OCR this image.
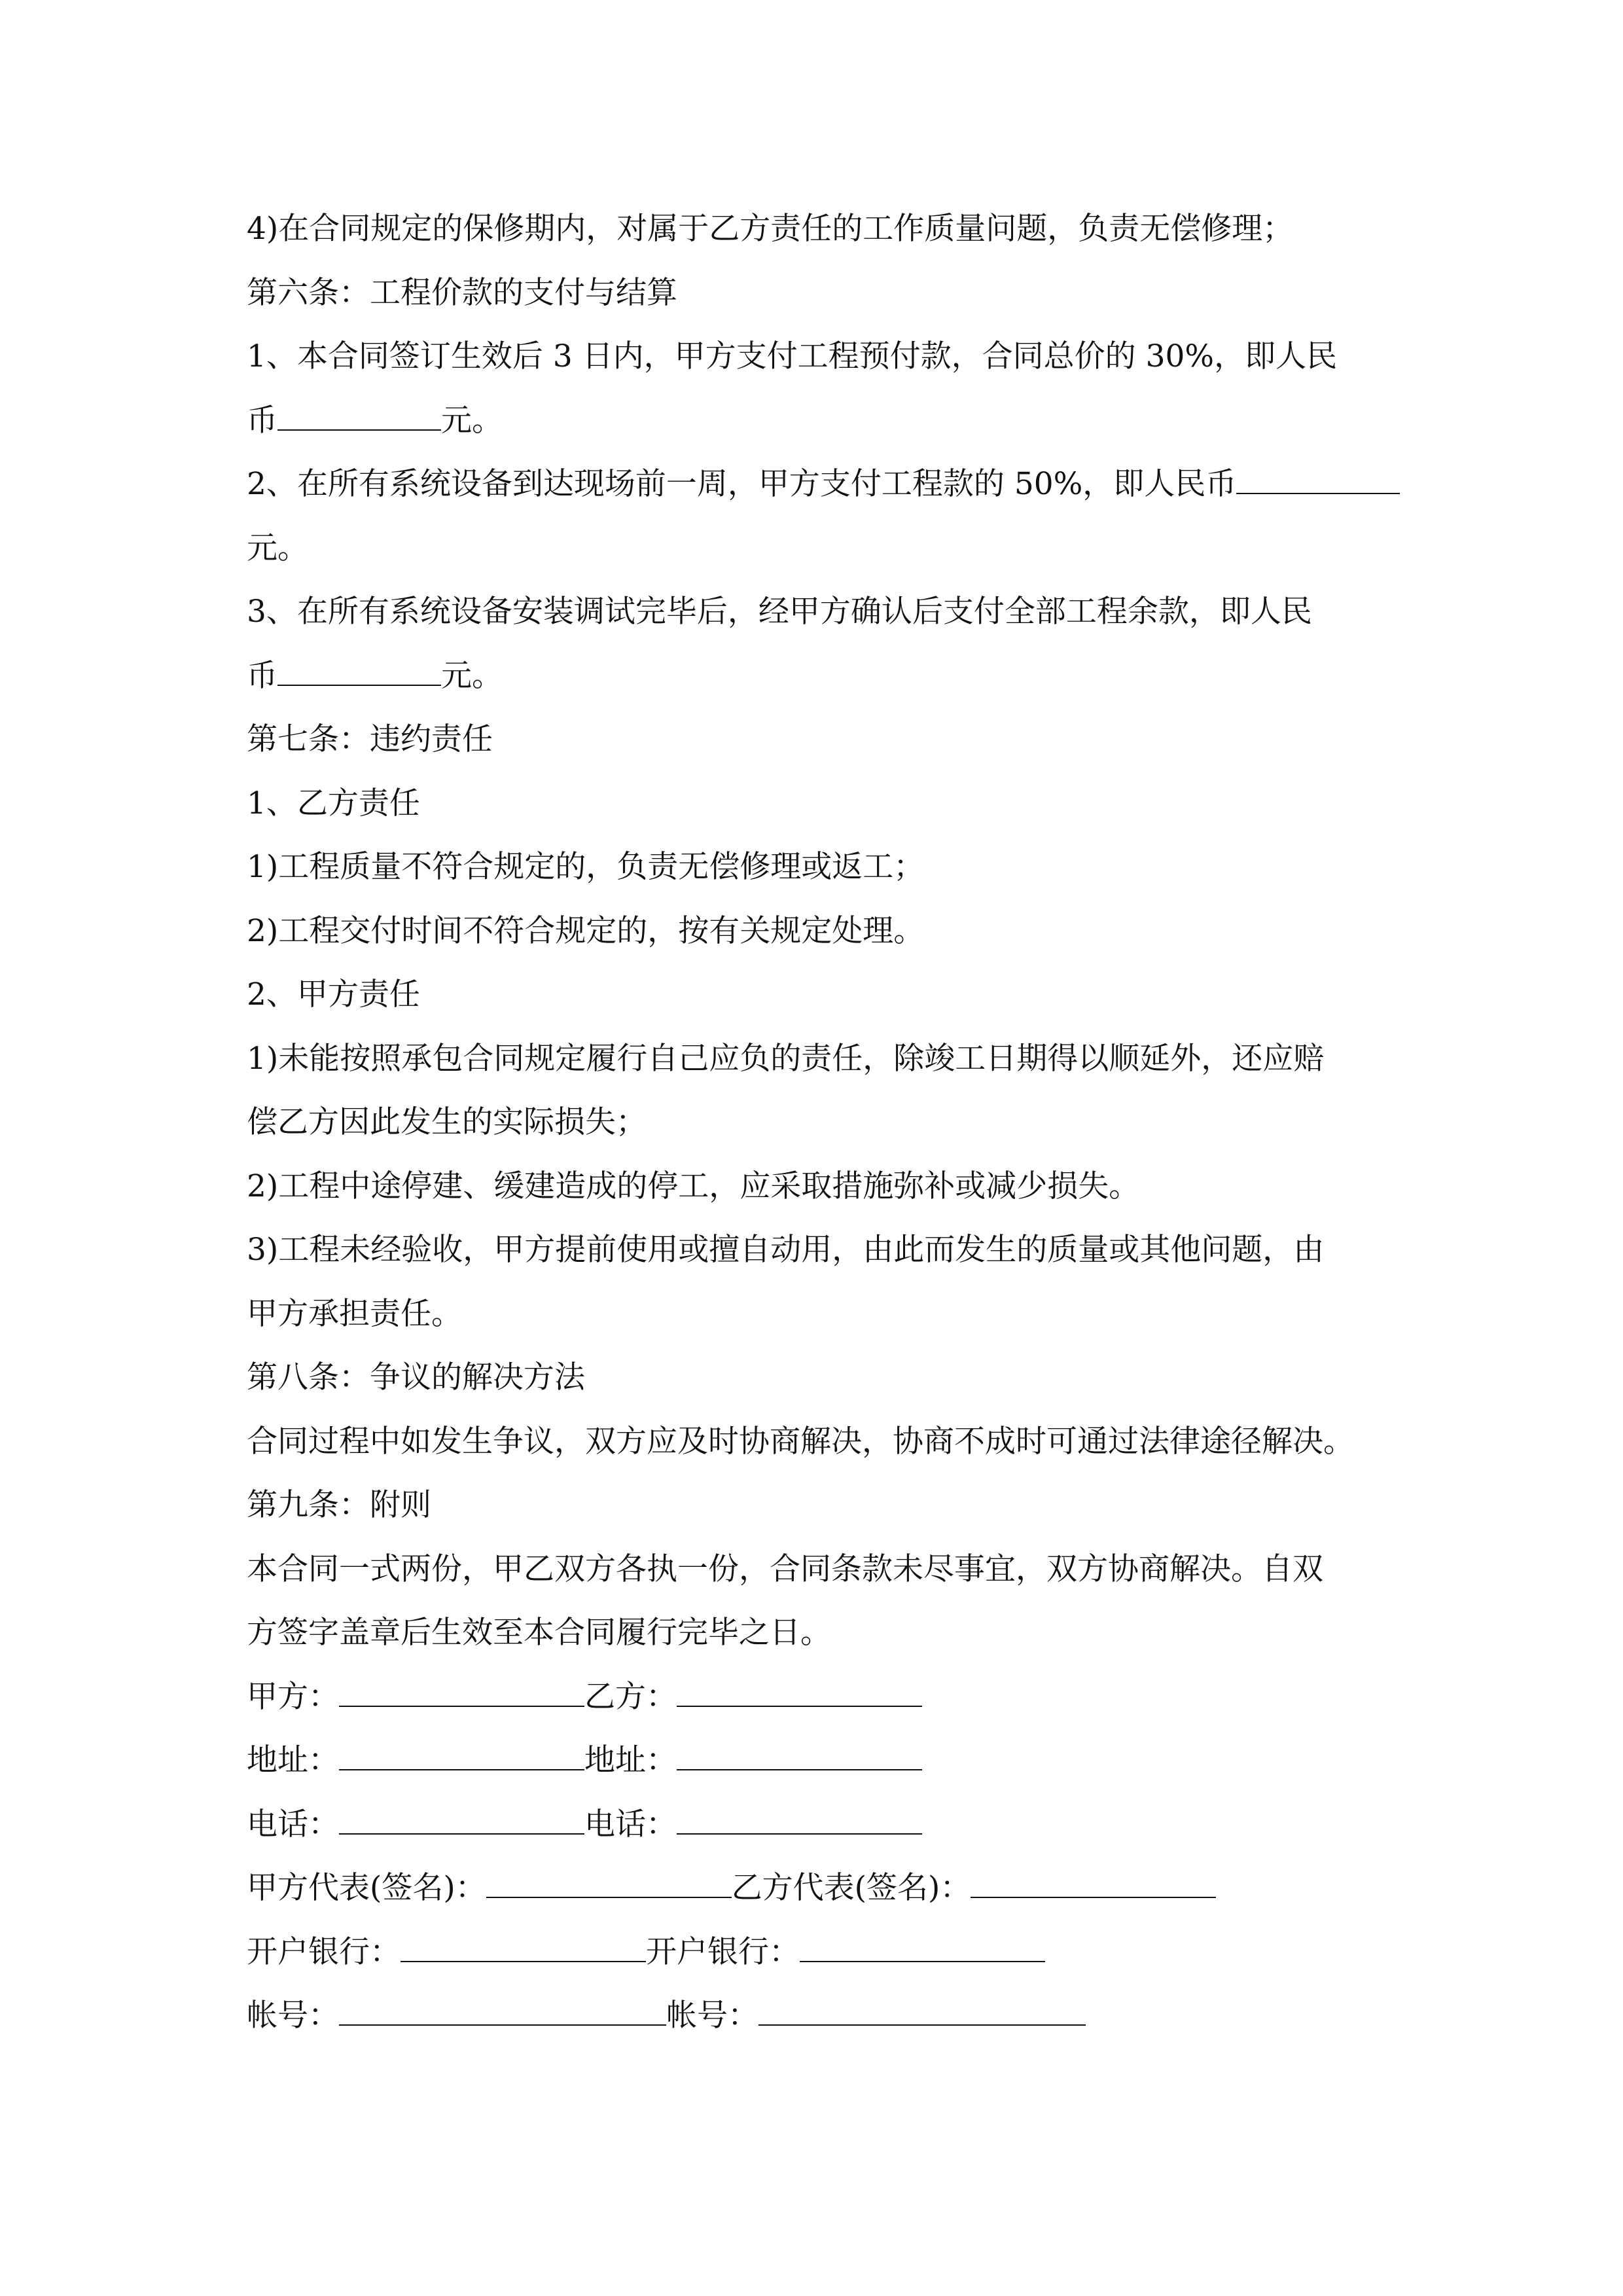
4)在合同规定的保修期内，对属于乙方责任的工作质量问题，负责无偿修理；
第六条：工程价款的支付与结算
1、本合同签订生效后 3 日内，甲方支付工程预付款，合同总价的 30%，即人民
币	元。
2、在所有系统设备到达现场前一周，甲方支付工程款的 50%，即人民币
元。
3、在所有系统设备安装调试完毕后，经甲方确认后支付全部工程余款，即人民
币	元。
第七条：违约责任
1、乙方责任
1)工程质量不符合规定的，负责无偿修理或返工；
2)工程交付时间不符合规定的，按有关规定处理。
2、甲方责任
1)未能按照承包合同规定履行自己应负的责任，除竣工日期得以顺延外，还应赔
偿乙方因此发生的实际损失；
2)工程中途停建、缓建造成的停工，应采取措施弥补或减少损失。
3)工程未经验收，甲方提前使用或擅自动用，由此而发生的质量或其他问题，由
甲方承担责任。
第八条：争议的解决方法
合同过程中如发生争议，双方应及时协商解决，协商不成时可通过法律途径解决。
第九条：附则
本合同一式两份，甲乙双方各执一份，合同条款未尽事宜，双方协商解决。自双
方签字盖章后生效至本合同履行完毕之日。
甲方：	乙方：
地址：	地址：
电话：	电话：
甲方代表(签名)：	乙方代表(签名)：
开户银行：	开户银行：
帐号：	帐号：
